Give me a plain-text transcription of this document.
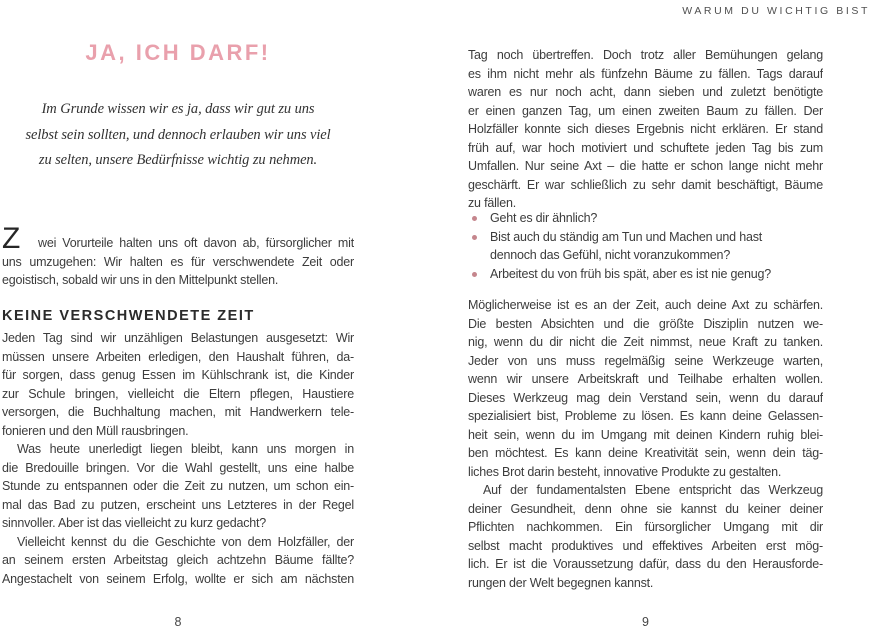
WARUM DU WICHTIG BIST
JA, ICH DARF!
Im Grunde wissen wir es ja, dass wir gut zu uns
selbst sein sollten, und dennoch erlauben wir uns viel
zu selten, unsere Bedürfnisse wichtig zu nehmen.
Z	wei Vorurteile halten uns oft davon ab, fürsorglicher mit
uns umzugehen: Wir halten es für verschwendete Zeit oder
egoistisch, sobald wir uns in den Mittelpunkt stellen.
KEINE VERSCHWENDETE ZEIT
Jeden Tag sind wir unzähligen Belastungen ausgesetzt: Wir
müssen unsere Arbeiten erledigen, den Haushalt führen, da-
für sorgen, dass genug Essen im Kühlschrank ist, die Kinder
zur Schule bringen, vielleicht die Eltern pflegen, Haustiere
versorgen, die Buchhaltung machen, mit Handwerkern tele-
fonieren und den Müll rausbringen.
Was heute unerledigt liegen bleibt, kann uns morgen in
die Bredouille bringen. Vor die Wahl gestellt, uns eine halbe
Stunde zu entspannen oder die Zeit zu nutzen, um schon ein-
mal das Bad zu putzen, erscheint uns Letzteres in der Regel
sinnvoller. Aber ist das vielleicht zu kurz gedacht?
Vielleicht kennst du die Geschichte von dem Holzfäller, der
an seinem ersten Arbeitstag gleich achtzehn Bäume fällte?
Angestachelt von seinem Erfolg, wollte er sich am nächsten
8
Tag noch übertreffen. Doch trotz aller Bemühungen gelang
es ihm nicht mehr als fünfzehn Bäume zu fällen. Tags darauf
waren es nur noch acht, dann sieben und zuletzt benötigte
er einen ganzen Tag, um einen zweiten Baum zu fällen. Der
Holzfäller konnte sich dieses Ergebnis nicht erklären. Er stand
früh auf, war hoch motiviert und schuftete jeden Tag bis zum
Umfallen. Nur seine Axt – die hatte er schon lange nicht mehr
geschärft. Er war schließlich zu sehr damit beschäftigt, Bäume
zu fällen.
Geht es dir ähnlich?
Bist auch du ständig am Tun und Machen und hast
dennoch das Gefühl, nicht voranzukommen?
Arbeitest du von früh bis spät, aber es ist nie genug?
Möglicherweise ist es an der Zeit, auch deine Axt zu schärfen.
Die besten Absichten und die größte Disziplin nutzen we-
nig, wenn du dir nicht die Zeit nimmst, neue Kraft zu tanken.
Jeder von uns muss regelmäßig seine Werkzeuge warten,
wenn wir unsere Arbeitskraft und Teilhabe erhalten wollen.
Dieses Werkzeug mag dein Verstand sein, wenn du darauf
spezialisiert bist, Probleme zu lösen. Es kann deine Gelassen-
heit sein, wenn du im Umgang mit deinen Kindern ruhig blei-
ben möchtest. Es kann deine Kreativität sein, wenn dein täg-
liches Brot darin besteht, innovative Produkte zu gestalten.
Auf der fundamentalsten Ebene entspricht das Werkzeug
deiner Gesundheit, denn ohne sie kannst du keiner deiner
Pflichten nachkommen. Ein fürsorglicher Umgang mit dir
selbst macht produktives und effektives Arbeiten erst mög-
lich. Er ist die Voraussetzung dafür, dass du den Herausforde-
rungen der Welt begegnen kannst.
9
